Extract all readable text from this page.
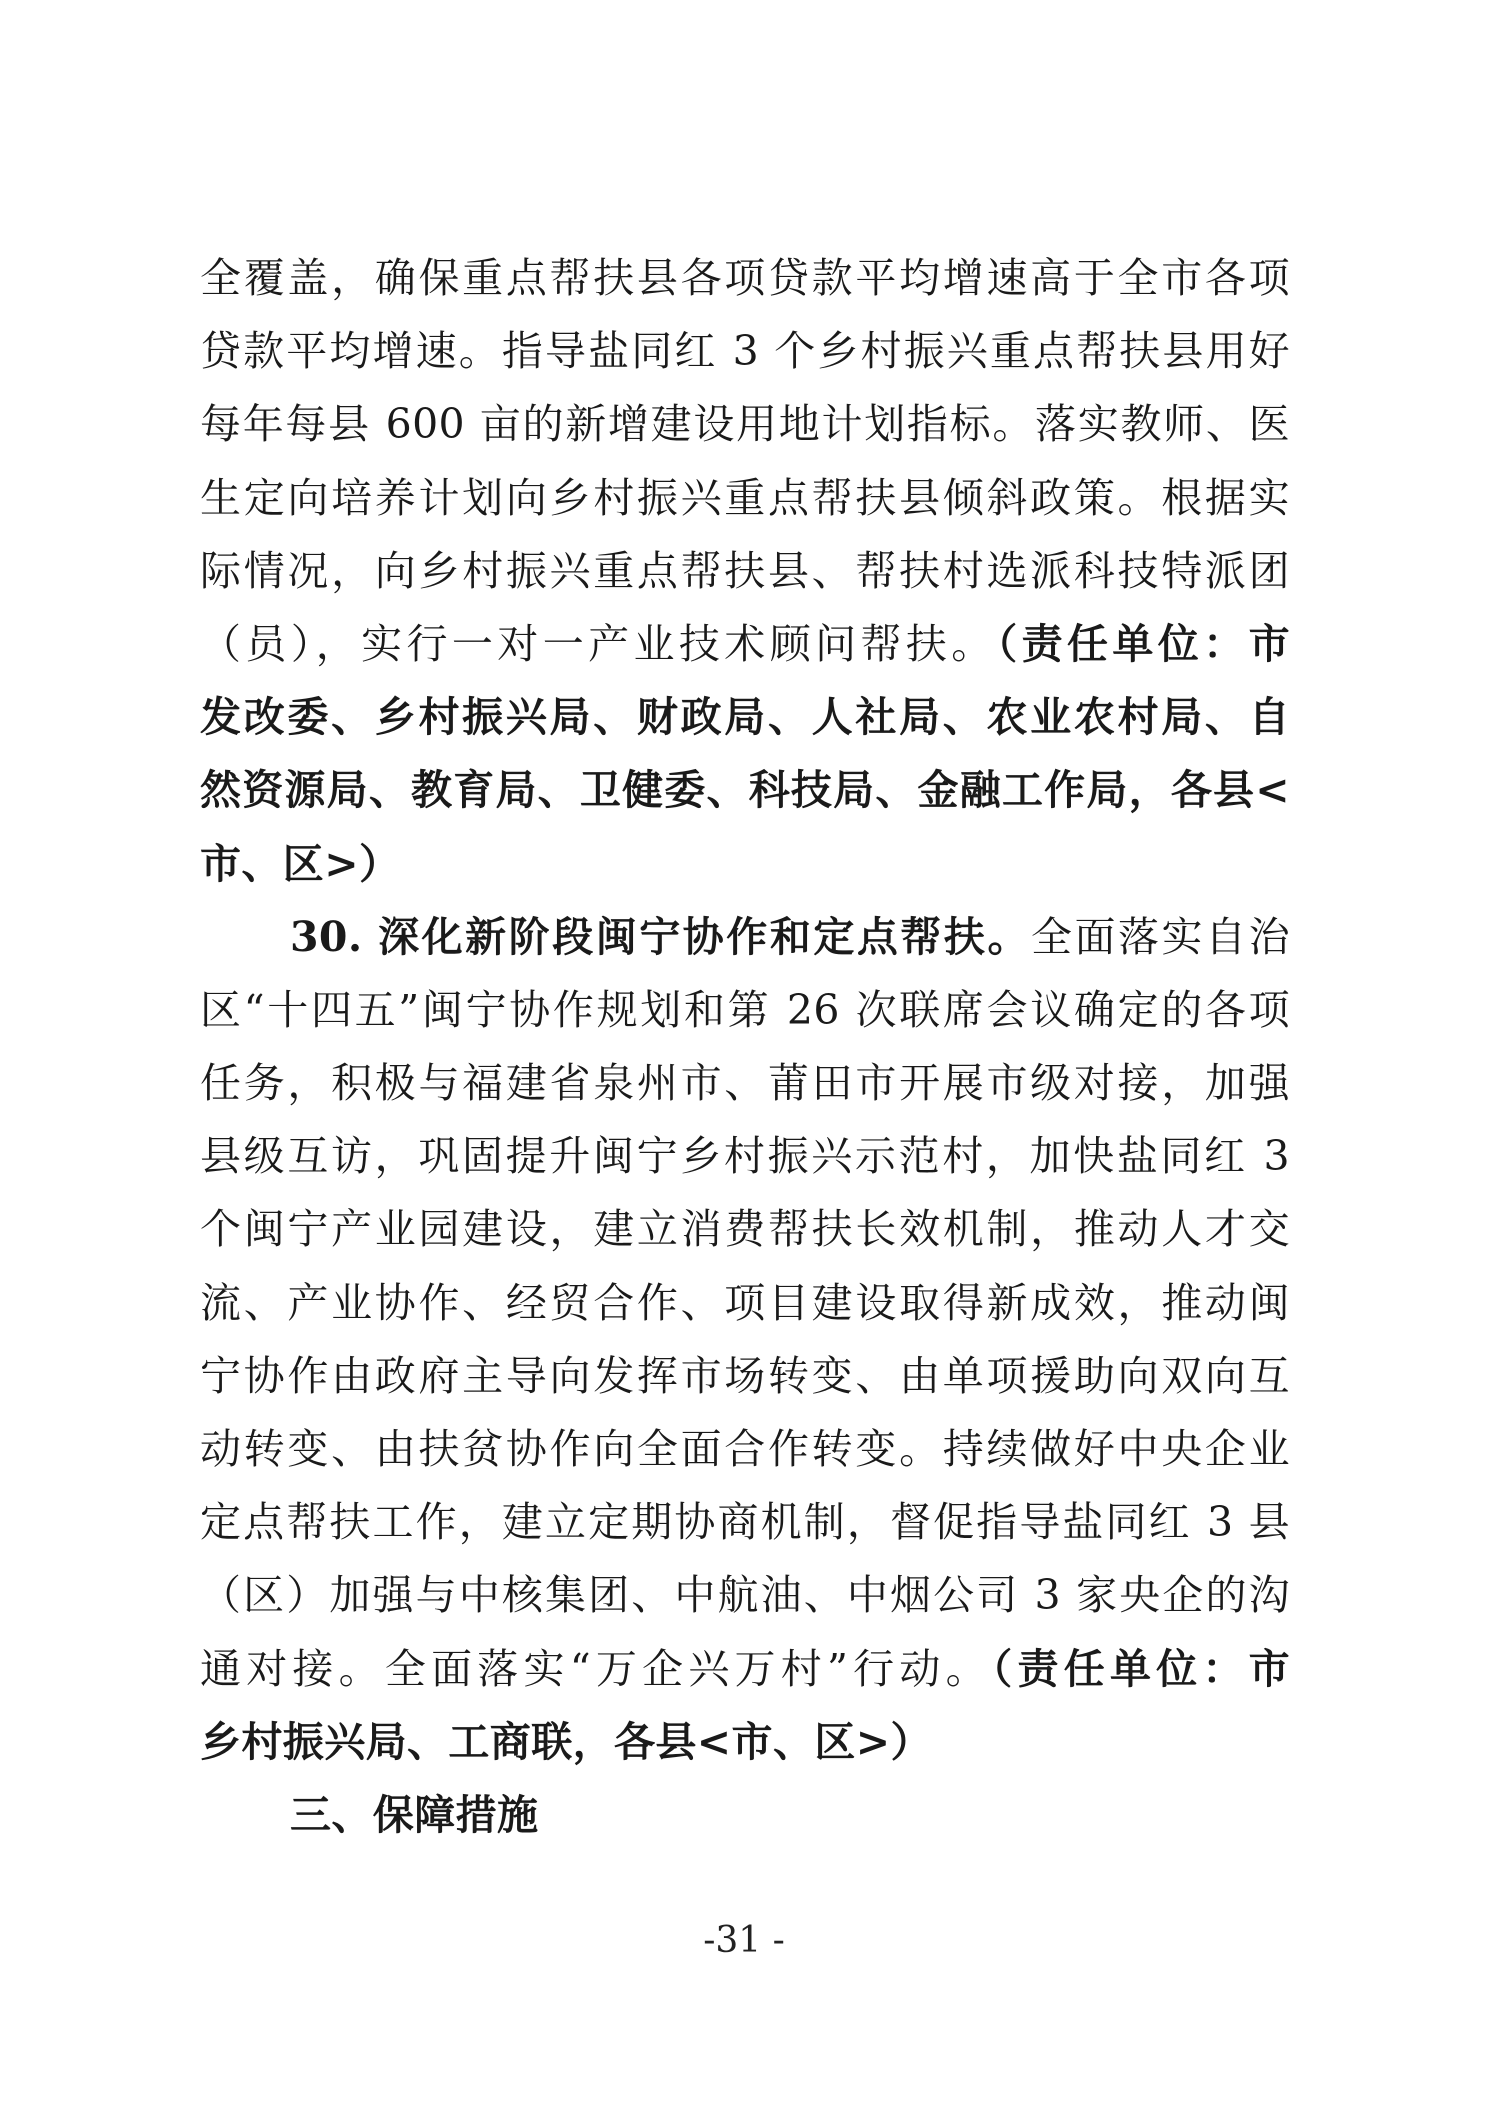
全覆盖，确保重点帮扶县各项贷款平均增速高于全市各项
贷款平均增速。指导盐同红 3 个乡村振兴重点帮扶县用好
每年每县 600 亩的新增建设用地计划指标。落实教师、医
生定向培养计划向乡村振兴重点帮扶县倾斜政策。根据实
际情况，向乡村振兴重点帮扶县、帮扶村选派科技特派团
（员），实行一对一产业技术顾问帮扶。（责任单位：市
发改委、乡村振兴局、财政局、人社局、农业农村局、自
然资源局、教育局、卫健委、科技局、金融工作局，各县<
市、区>）
30. 深化新阶段闽宁协作和定点帮扶。全面落实自治
区“十四五”闽宁协作规划和第 26 次联席会议确定的各项
任务，积极与福建省泉州市、莆田市开展市级对接，加强
县级互访，巩固提升闽宁乡村振兴示范村，加快盐同红 3
个闽宁产业园建设，建立消费帮扶长效机制，推动人才交
流、产业协作、经贸合作、项目建设取得新成效，推动闽
宁协作由政府主导向发挥市场转变、由单项援助向双向互
动转变、由扶贫协作向全面合作转变。持续做好中央企业
定点帮扶工作，建立定期协商机制，督促指导盐同红 3 县
（区）加强与中核集团、中航油、中烟公司 3 家央企的沟
通对接。全面落实“万企兴万村”行动。（责任单位：市
乡村振兴局、工商联，各县<市、区>）
三、保障措施
-31 -
